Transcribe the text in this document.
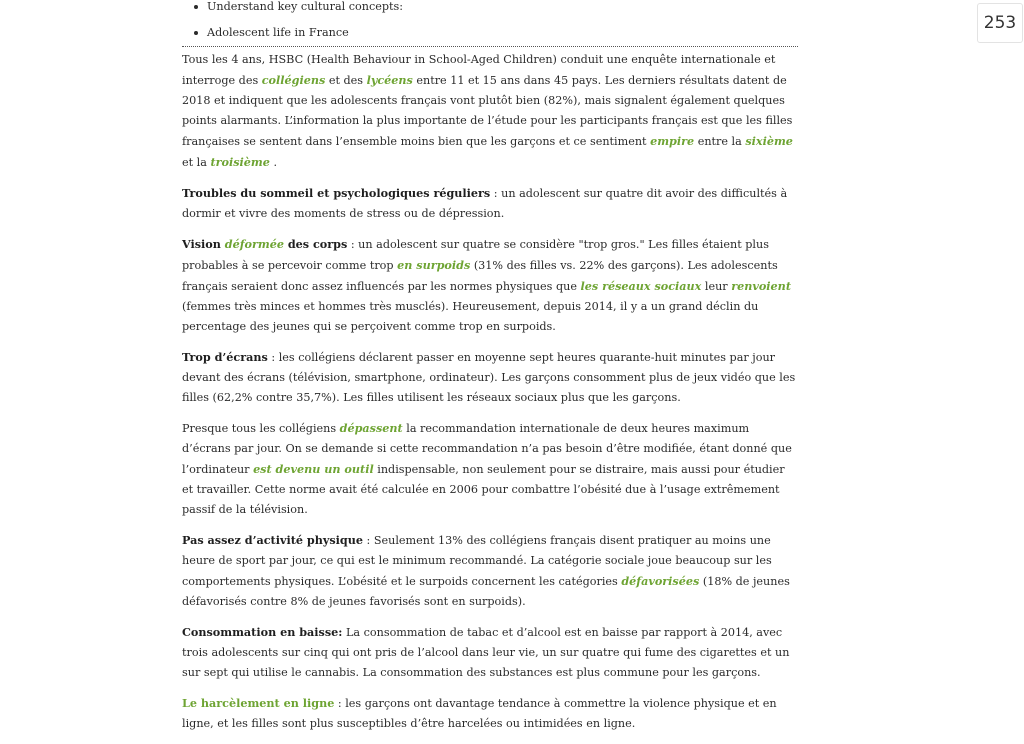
253
Understand key cultural concepts:
Adolescent life in France

Tous les 4 ans, HSBC (Health Behaviour in School-Aged Children) conduit une enquête internationale et interroge des collégiens et des lycéens entre 11 et 15 ans dans 45 pays. Les derniers résultats datent de 2018 et indiquent que les adolescents français vont plutôt bien (82%), mais signalent également quelques points alarmants. L’information la plus importante de l’étude pour les participants français est que les filles françaises se sentent dans l’ensemble moins bien que les garçons et ce sentiment empire entre la sixième et la troisième .

Troubles du sommeil et psychologiques réguliers : un adolescent sur quatre dit avoir des difficultés à dormir et vivre des moments de stress ou de dépression.

Vision déformée des corps : un adolescent sur quatre se considère "trop gros." Les filles étaient plus probables à se percevoir comme trop en surpoids (31% des filles vs. 22% des garçons). Les adolescents français seraient donc assez influencés par les normes physiques que les réseaux sociaux leur renvoient (femmes très minces et hommes très musclés). Heureusement, depuis 2014, il y a un grand déclin du percentage des jeunes qui se perçoivent comme trop en surpoids.

Trop d’écrans : les collégiens déclarent passer en moyenne sept heures quarante-huit minutes par jour devant des écrans (télévision, smartphone, ordinateur). Les garçons consomment plus de jeux vidéo que les filles (62,2% contre 35,7%). Les filles utilisent les réseaux sociaux plus que les garçons.

Presque tous les collégiens dépassent la recommandation internationale de deux heures maximum d’écrans par jour. On se demande si cette recommandation n’a pas besoin d’être modifiée, étant donné que l’ordinateur est devenu un outil indispensable, non seulement pour se distraire, mais aussi pour étudier et travailler. Cette norme avait été calculée en 2006 pour combattre l’obésité due à l’usage extrêmement passif de la télévision.

Pas assez d’activité physique : Seulement 13% des collégiens français disent pratiquer au moins une heure de sport par jour, ce qui est le minimum recommandé. La catégorie sociale joue beaucoup sur les comportements physiques. L’obésité et le surpoids concernent les catégories défavorisées (18% de jeunes défavorisés contre 8% de jeunes favorisés sont en surpoids).

Consommation en baisse: La consommation de tabac et d’alcool est en baisse par rapport à 2014, avec trois adolescents sur cinq qui ont pris de l’alcool dans leur vie, un sur quatre qui fume des cigarettes et un sur sept qui utilise le cannabis. La consommation des substances est plus commune pour les garçons.

Le harcèlement en ligne : les garçons ont davantage tendance à commettre la violence physique et en ligne, et les filles sont plus susceptibles d’être harcelées ou intimidées en ligne.
